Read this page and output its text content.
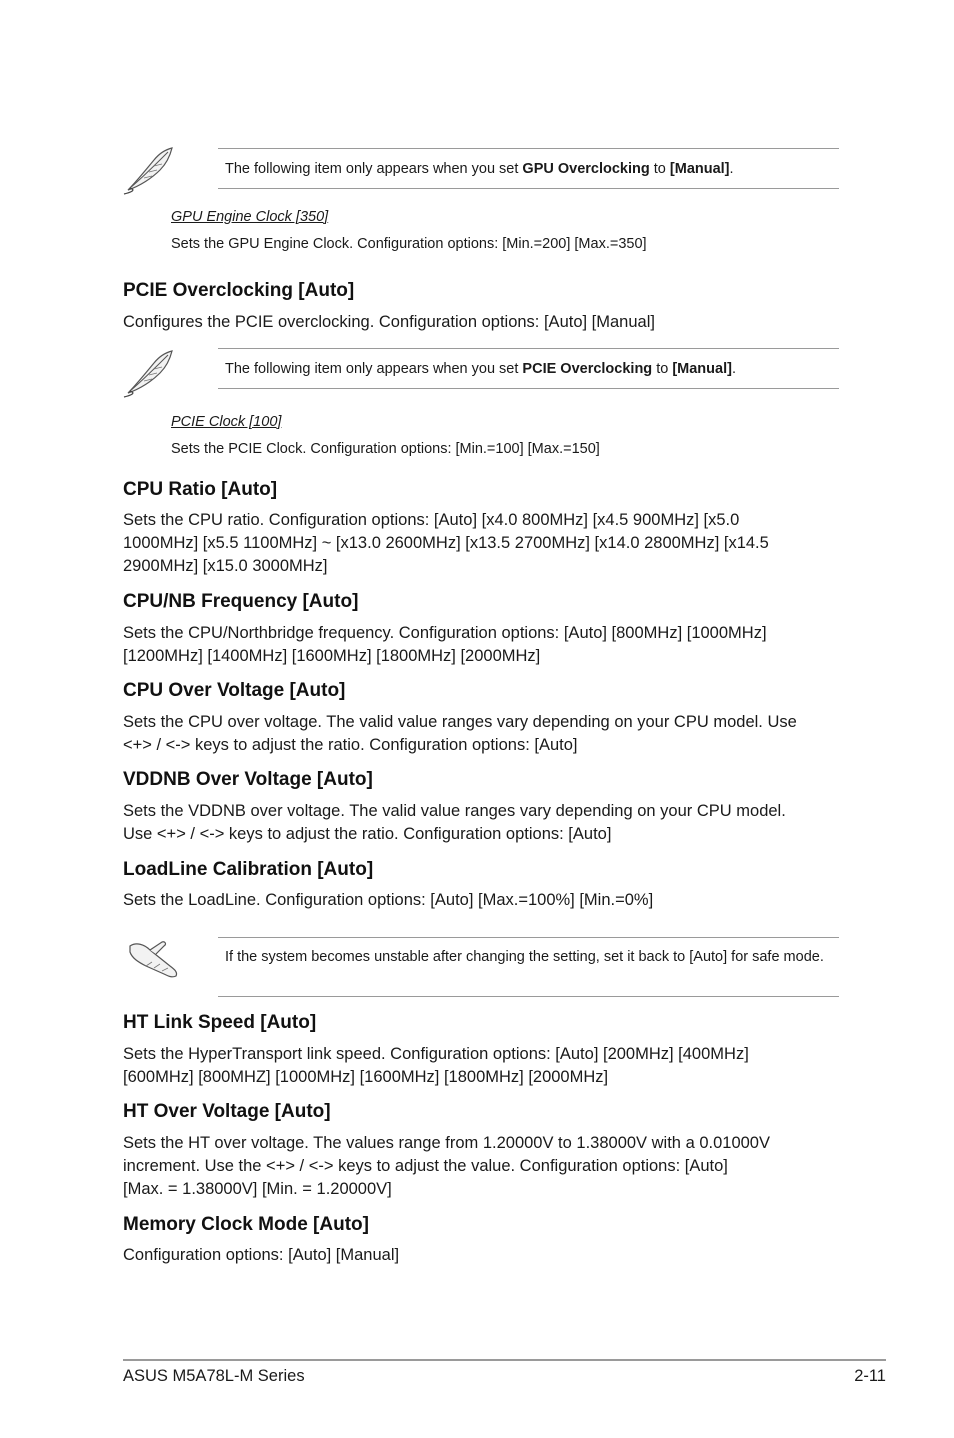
The following item only appears when you set GPU Overclocking to [Manual].
GPU Engine Clock [350]
Sets the GPU Engine Clock. Configuration options: [Min.=200] [Max.=350]
PCIE Overclocking [Auto]
Configures the PCIE overclocking. Configuration options: [Auto] [Manual]
The following item only appears when you set PCIE Overclocking to [Manual].
PCIE Clock [100]
Sets the PCIE Clock. Configuration options: [Min.=100] [Max.=150]
CPU Ratio [Auto]
Sets the CPU ratio. Configuration options: [Auto] [x4.0 800MHz] [x4.5 900MHz] [x5.0
1000MHz] [x5.5 1100MHz] ~ [x13.0 2600MHz] [x13.5 2700MHz] [x14.0 2800MHz] [x14.5
2900MHz] [x15.0 3000MHz]
CPU/NB Frequency [Auto]
Sets the CPU/Northbridge frequency. Configuration options: [Auto] [800MHz] [1000MHz]
[1200MHz] [1400MHz] [1600MHz] [1800MHz] [2000MHz]
CPU Over Voltage [Auto]
Sets the CPU over voltage. The valid value ranges vary depending on your CPU model. Use
<+> / <-> keys to adjust the ratio. Configuration options: [Auto]
VDDNB Over Voltage [Auto]
Sets the VDDNB over voltage. The valid value ranges vary depending on your CPU model.
Use <+> / <-> keys to adjust the ratio. Configuration options: [Auto]
LoadLine Calibration [Auto]
Sets the LoadLine. Configuration options: [Auto] [Max.=100%] [Min.=0%]
If the system becomes unstable after changing the setting, set it back to [Auto] for safe mode.
HT Link Speed [Auto]
Sets the HyperTransport link speed. Configuration options: [Auto] [200MHz] [400MHz]
[600MHz] [800MHZ] [1000MHz] [1600MHz] [1800MHz] [2000MHz]
HT Over Voltage [Auto]
Sets the HT over voltage. The values range from 1.20000V to 1.38000V with a 0.01000V
increment. Use the <+> / <-> keys to adjust the value. Configuration options: [Auto]
[Max. = 1.38000V] [Min. = 1.20000V]
Memory Clock Mode [Auto]
Configuration options: [Auto] [Manual]
ASUS M5A78L-M Series	2-11
